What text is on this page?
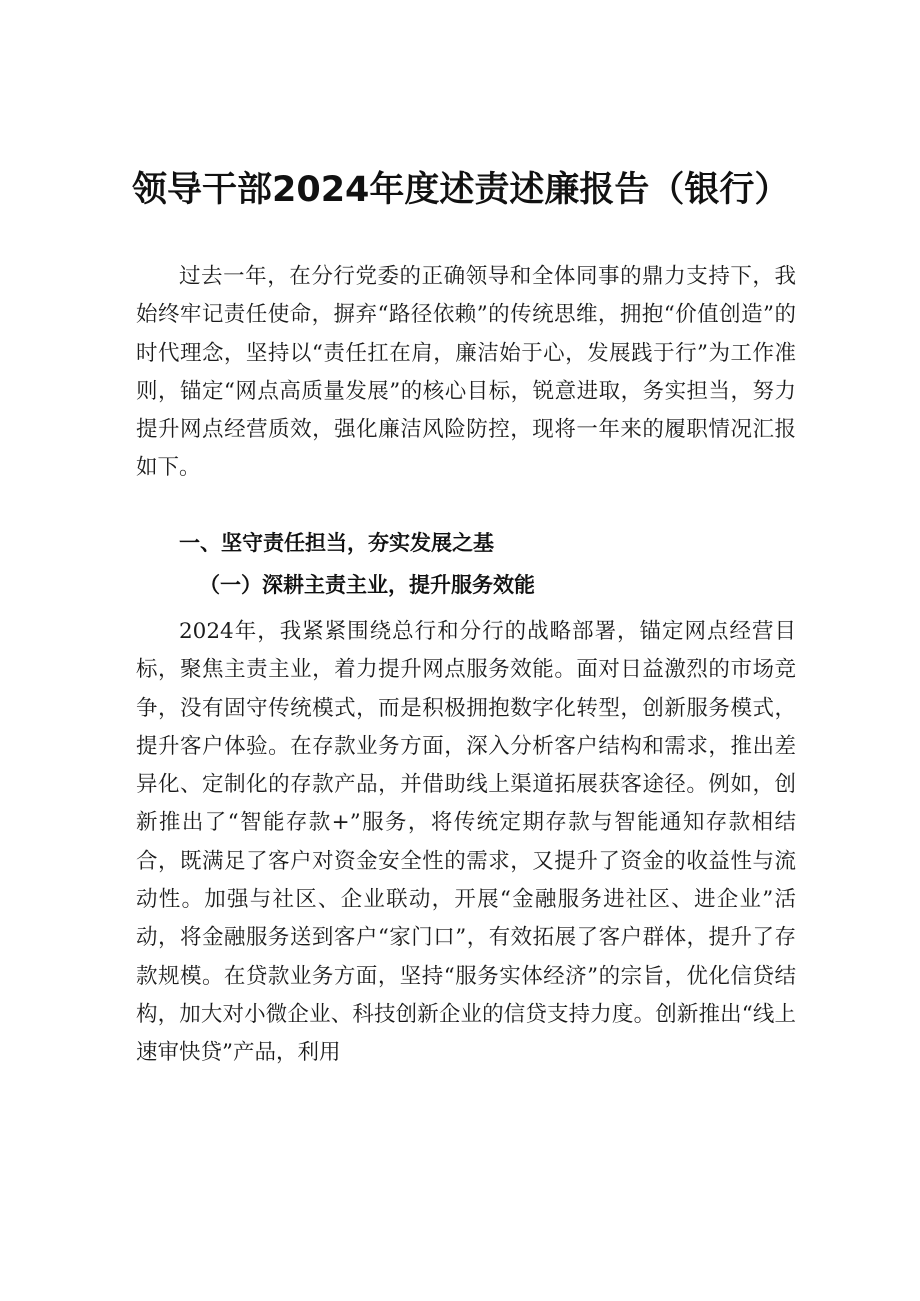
领导干部2024年度述责述廉报告（银行）

过去一年，在分行党委的正确领导和全体同事的鼎力支持下，我始终牢记责任使命，摒弃“路径依赖”的传统思维，拥抱“价值创造”的时代理念，坚持以“责任扛在肩，廉洁始于心，发展践于行”为工作准则，锚定“网点高质量发展”的核心目标，锐意进取，务实担当，努力提升网点经营质效，强化廉洁风险防控，现将一年来的履职情况汇报如下。

一、坚守责任担当，夯实发展之基
（一）深耕主责主业，提升服务效能

2024年，我紧紧围绕总行和分行的战略部署，锚定网点经营目标，聚焦主责主业，着力提升网点服务效能。面对日益激烈的市场竞争，没有固守传统模式，而是积极拥抱数字化转型，创新服务模式，提升客户体验。在存款业务方面，深入分析客户结构和需求，推出差异化、定制化的存款产品，并借助线上渠道拓展获客途径。例如，创新推出了“智能存款+”服务，将传统定期存款与智能通知存款相结合，既满足了客户对资金安全性的需求，又提升了资金的收益性与流动性。加强与社区、企业联动，开展“金融服务进社区、进企业”活动，将金融服务送到客户“家门口”，有效拓展了客户群体，提升了存款规模。在贷款业务方面，坚持“服务实体经济”的宗旨，优化信贷结构，加大对小微企业、科技创新企业的信贷支持力度。创新推出“线上速审快贷”产品，利用
